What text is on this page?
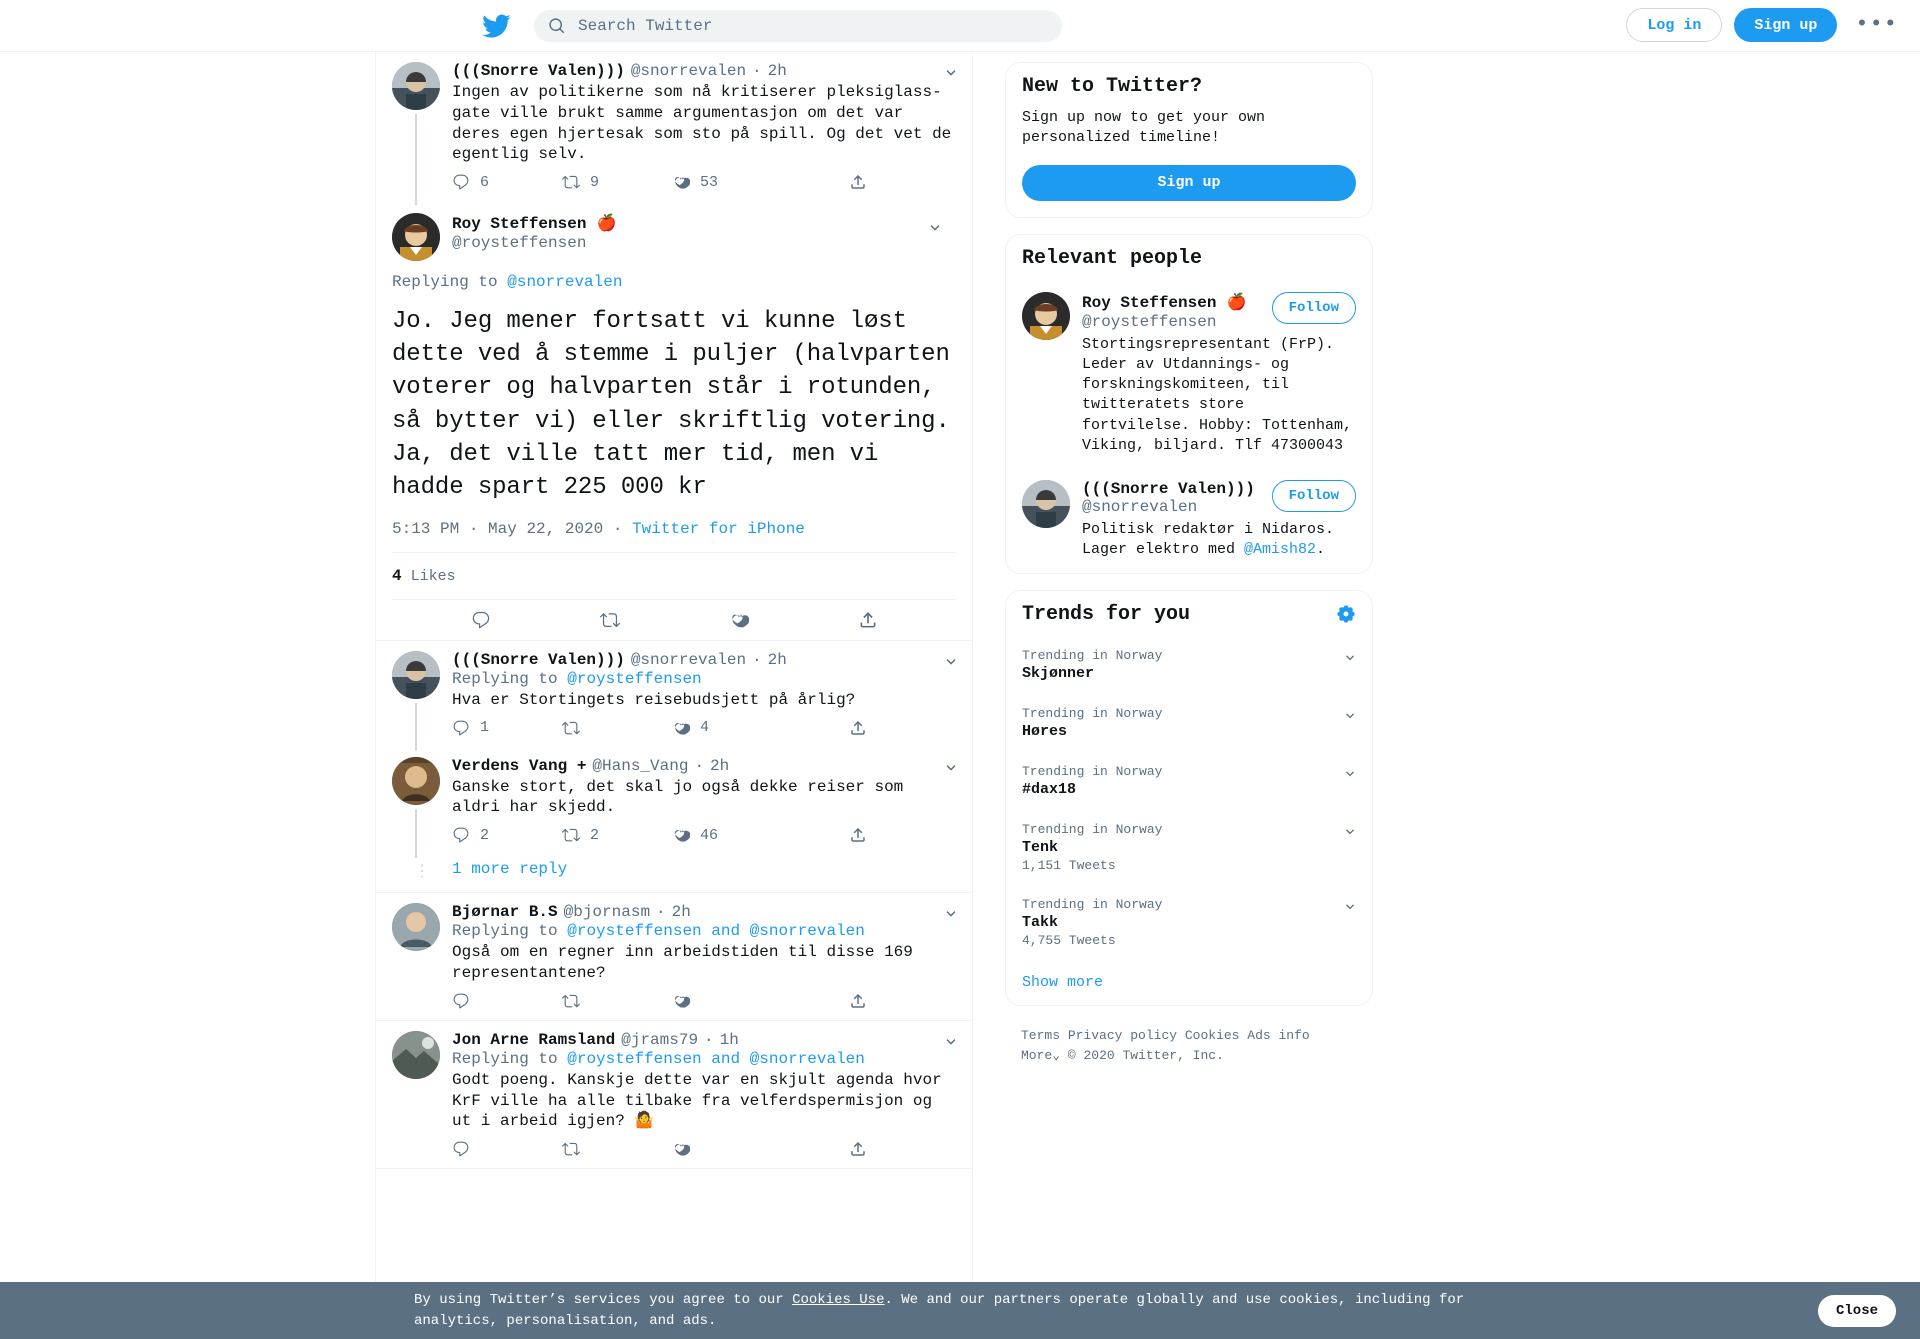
Search Twitter
Log in	Sign up	•••
(((Snorre Valen))) @snorrevalen · 2h
Ingen av politikerne som nå kritiserer pleksiglass-gate ville brukt samme argumentasjon om det var deres egen hjertesak som sto på spill. Og det vet de egentlig selv.
6	9	53
Roy Steffensen 🍎
@roysteffensen
Replying to @snorrevalen
Jo. Jeg mener fortsatt vi kunne løst dette ved å stemme i puljer (halvparten voterer og halvparten står i rotunden, så bytter vi) eller skriftlig votering. Ja, det ville tatt mer tid, men vi hadde spart 225 000 kr
5:13 PM · May 22, 2020 · Twitter for iPhone
4 Likes
(((Snorre Valen))) @snorrevalen · 2h
Replying to @roysteffensen
Hva er Stortingets reisebudsjett på årlig?
1	4
Verdens Vang + @Hans_Vang · 2h
Ganske stort, det skal jo også dekke reiser som aldri har skjedd.
2	2	46
⋮	1 more reply
Bjørnar B.S @bjornasm · 2h
Replying to @roysteffensen and @snorrevalen
Også om en regner inn arbeidstiden til disse 169 representantene?
Jon Arne Ramsland @jrams79 · 1h
Replying to @roysteffensen and @snorrevalen
Godt poeng. Kanskje dette var en skjult agenda hvor KrF ville ha alle tilbake fra velferdspermisjon og ut i arbeid igjen? 🤷
New to Twitter?
Sign up now to get your own personalized timeline!
Sign up
Relevant people
Roy Steffensen 🍎
@roysteffensen
Follow
Stortingsrepresentant (FrP). Leder av Utdannings- og forskningskomiteen, til twitteratets store fortvilelse. Hobby: Tottenham, Viking, biljard. Tlf 47300043
(((Snorre Valen)))
@snorrevalen
Follow
Politisk redaktør i Nidaros. Lager elektro med @Amish82.
Trends for you
Trending in Norway
Skjønner
Trending in Norway
Høres
Trending in Norway
#dax18
Trending in Norway
Tenk
1,151 Tweets
Trending in Norway
Takk
4,755 Tweets
Show more
Terms Privacy policy Cookies Ads info
More⌄ © 2020 Twitter, Inc.
By using Twitter’s services you agree to our Cookies Use. We and our partners operate globally and use cookies, including for analytics, personalisation, and ads.
Close
